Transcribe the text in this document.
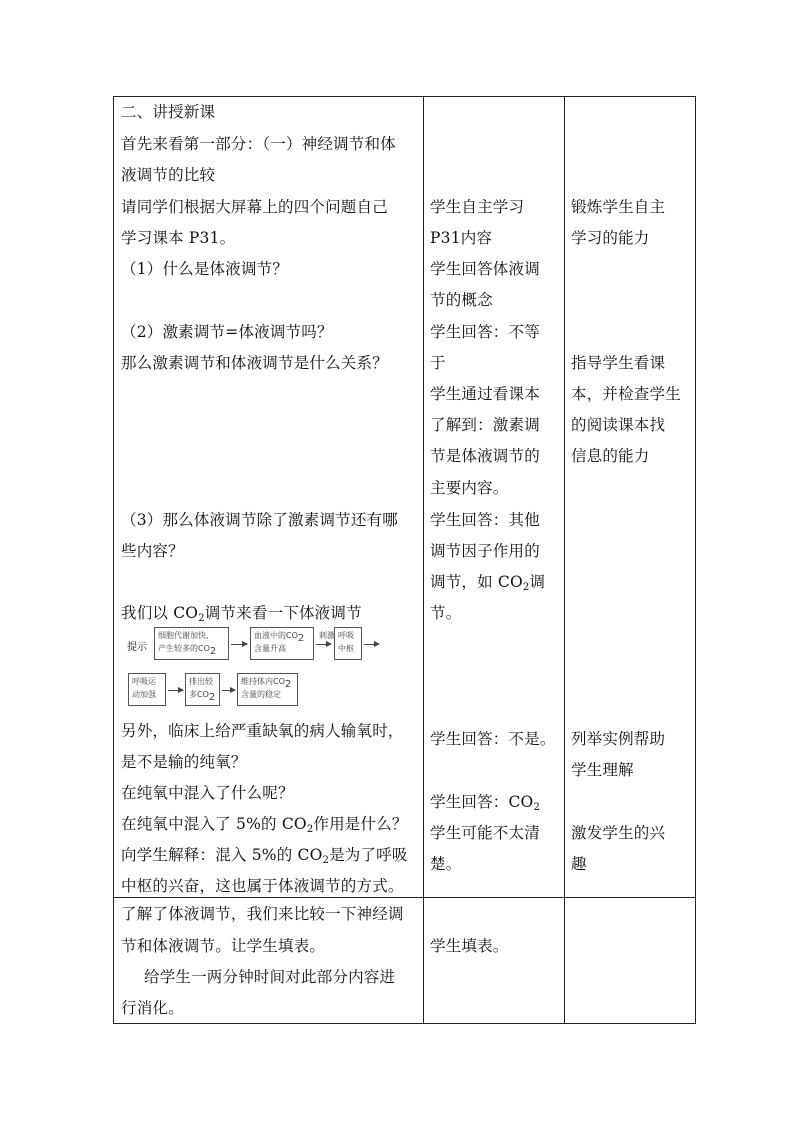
二、讲授新课
首先来看第一部分：（一）神经调节和体
液调节的比较
请同学们根据大屏幕上的四个问题自己
学习课本 P31。
（1）什么是体液调节？
（2）激素调节=体液调节吗？
那么激素调节和体液调节是什么关系？
（3）那么体液调节除了激素调节还有哪
些内容？
我们以 $CO_2$调节来看一下体液调节
提示
细胞代谢加快,
产生较多的$CO_2$
血液中的$CO_2$
含量升高
刺激 呼吸
中枢
呼吸运
动加强
排出较
多$CO_2$
维持体内$CO_2$
含量的稳定
另外，临床上给严重缺氧的病人输氧时，
是不是输的纯氧？
在纯氧中混入了什么呢？
在纯氧中混入了 5%的 $CO_2$作用是什么？
向学生解释：混入 5%的 $CO_2$是为了呼吸
中枢的兴奋，这也属于体液调节的方式。
学生自主学习
P31内容
学生回答体液调
节的概念
学生回答：不等
于
学生通过看课本
了解到：激素调
节是体液调节的
主要内容。
学生回答：其他
调节因子作用的
调节，如 $CO_2$调
节。
学生回答：不是。
学生回答：$CO_2$
学生可能不太清
楚。
锻炼学生自主
学习的能力
指导学生看课
本，并检查学生
的阅读课本找
信息的能力
列举实例帮助
学生理解
激发学生的兴
趣
了解了体液调节，我们来比较一下神经调
节和体液调节。让学生填表。
给学生一两分钟时间对此部分内容进
行消化。
学生填表。
